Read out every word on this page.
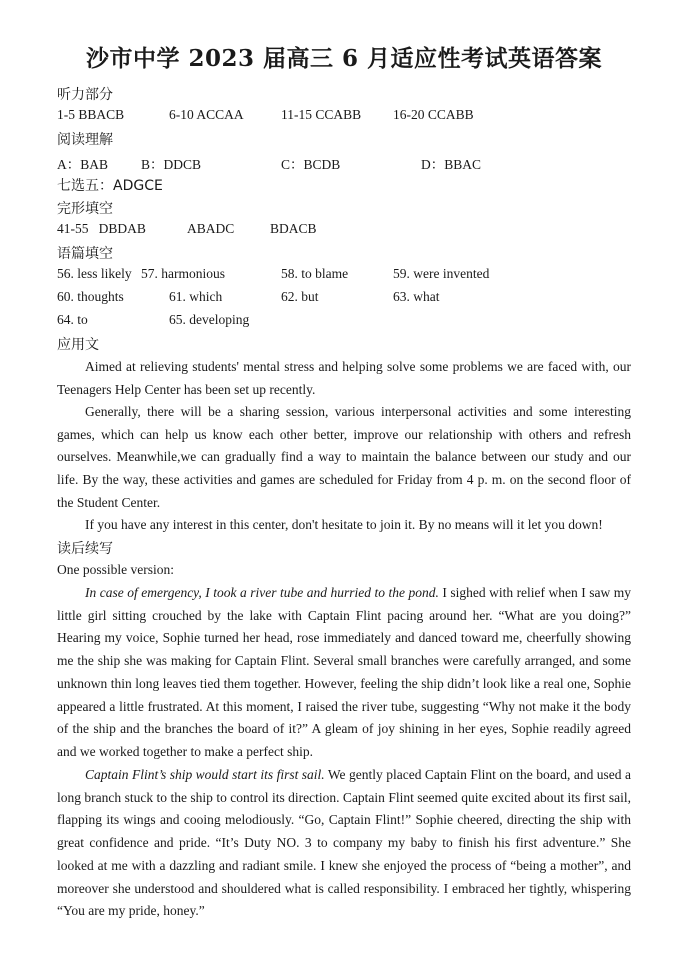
沙市中学 2023 届高三 6 月适应性考试英语答案
听力部分
1-5 BBACB	6-10 ACCAA	11-15 CCABB 16-20 CCABB
阅读理解
A：BAB B：DDCB	C：BCDB	D：BBAC
七选五：ADGCE
完形填空
41-55   DBDAB	ABADC	BDACB
语篇填空
56. less likely 57. harmonious	58. to blame	59. were invented
60. thoughts	61. which	62. but	63. what
64. to	65. developing
应用文

Aimed at relieving students' mental stress and helping solve some problems we are faced with, our Teenagers Help Center has been set up recently.

Generally, there will be a sharing session, various interpersonal activities and some interesting games, which can help us know each other better, improve our relationship with others and refresh ourselves. Meanwhile,we can gradually find a way to maintain the balance between our study and our life. By the way, these activities and games are scheduled for Friday from 4 p. m. on the second floor of the Student Center.

If you have any interest in this center, don't hesitate to join it. By no means will it let you down!

读后续写
One possible version:

In case of emergency, I took a river tube and hurried to the pond. I sighed with relief when I saw my little girl sitting crouched by the lake with Captain Flint pacing around her. “What are you doing?” Hearing my voice, Sophie turned her head, rose immediately and danced toward me, cheerfully showing me the ship she was making for Captain Flint. Several small branches were carefully arranged, and some unknown thin long leaves tied them together. However, feeling the ship didn’t look like a real one, Sophie appeared a little frustrated. At this moment, I raised the river tube, suggesting “Why not make it the body of the ship and the branches the board of it?” A gleam of joy shining in her eyes, Sophie readily agreed and we worked together to make a perfect ship.

Captain Flint’s ship would start its first sail. We gently placed Captain Flint on the board, and used a long branch stuck to the ship to control its direction. Captain Flint seemed quite excited about its first sail, flapping its wings and cooing melodiously. “Go, Captain Flint!” Sophie cheered, directing the ship with great confidence and pride. “It’s Duty NO. 3 to company my baby to finish his first adventure.” She looked at me with a dazzling and radiant smile. I knew she enjoyed the process of “being a mother”, and moreover she understood and shouldered what is called responsibility. I embraced her tightly, whispering “You are my pride, honey.”
